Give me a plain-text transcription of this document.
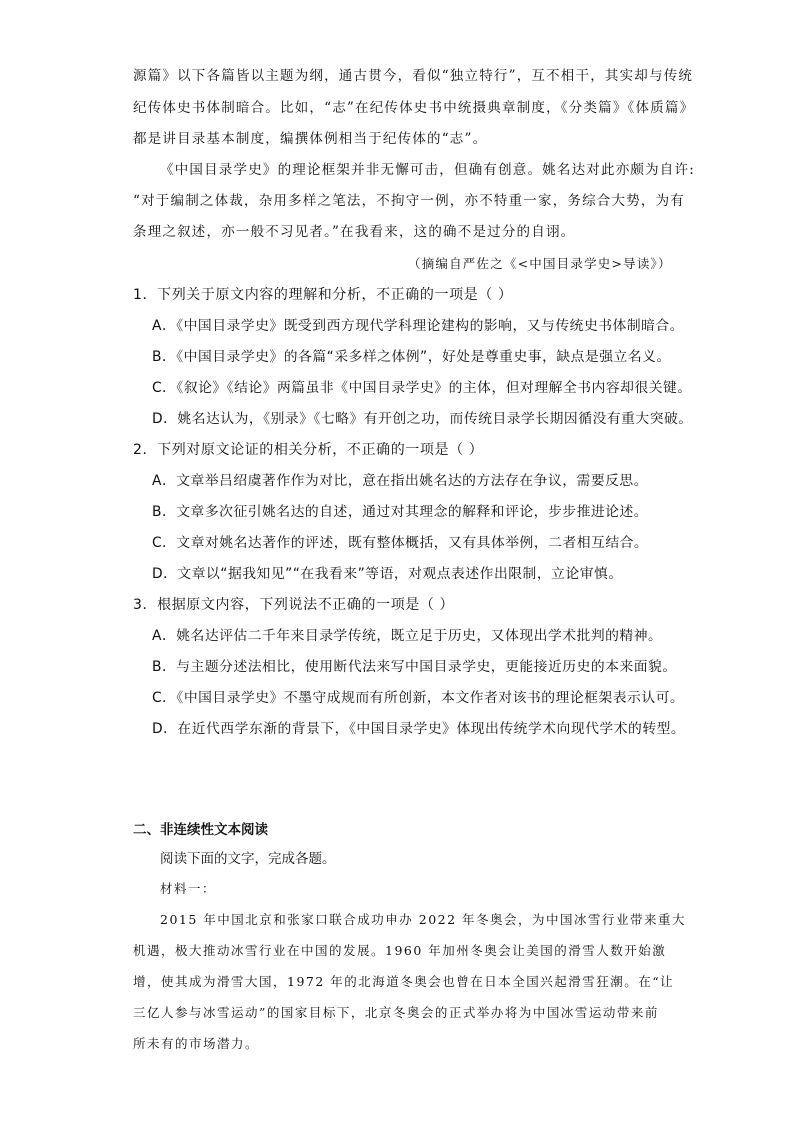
源篇》以下各篇皆以主题为纲，通古贯今，看似“独立特行”，互不相干，其实却与传统
纪传体史书体制暗合。比如，“志”在纪传体史书中统摄典章制度，《分类篇》《体质篇》
都是讲目录基本制度，编撰体例相当于纪传体的“志”。
《中国目录学史》的理论框架并非无懈可击，但确有创意。姚名达对此亦颇为自许:
“对于编制之体裁，杂用多样之笔法，不拘守一例，亦不特重一家，务综合大势，为有
条理之叙述，亦一般不习见者。”在我看来，这的确不是过分的自诩。
（摘编自严佐之《<中国目录学史>导读》）
1．下列关于原文内容的理解和分析，不正确的一项是（ ）
A．《中国目录学史》既受到西方现代学科理论建构的影响，又与传统史书体制暗合。
B．《中国目录学史》的各篇“采多样之体例”，好处是尊重史事，缺点是强立名义。
C．《叙论》《结论》两篇虽非《中国目录学史》的主体，但对理解全书内容却很关键。
D．姚名达认为，《别录》《七略》有开创之功，而传统目录学长期因循没有重大突破。
2．下列对原文论证的相关分析，不正确的一项是（ ）
A．文章举吕绍虞著作作为对比，意在指出姚名达的方法存在争议，需要反思。
B．文章多次征引姚名达的自述，通过对其理念的解释和评论，步步推进论述。
C．文章对姚名达著作的评述，既有整体概括，又有具体举例，二者相互结合。
D．文章以“据我知见”“在我看来”等语，对观点表述作出限制，立论审慎。
3．根据原文内容，下列说法不正确的一项是（ ）
A．姚名达评估二千年来目录学传统，既立足于历史，又体现出学术批判的精神。
B．与主题分述法相比，使用断代法来写中国目录学史，更能接近历史的本来面貌。
C．《中国目录学史》不墨守成规而有所创新，本文作者对该书的理论框架表示认可。
D．在近代西学东渐的背景下，《中国目录学史》体现出传统学术向现代学术的转型。
二、非连续性文本阅读
阅读下面的文字，完成各题。
材料一：
2015 年中国北京和张家口联合成功申办 2022 年冬奥会，为中国冰雪行业带来重大
机遇，极大推动冰雪行业在中国的发展。1960 年加州冬奥会让美国的滑雪人数开始激
增，使其成为滑雪大国，1972 年的北海道冬奥会也曾在日本全国兴起滑雪狂潮。在“让
三亿人参与冰雪运动”的国家目标下，北京冬奥会的正式举办将为中国冰雪运动带来前
所未有的市场潜力。
